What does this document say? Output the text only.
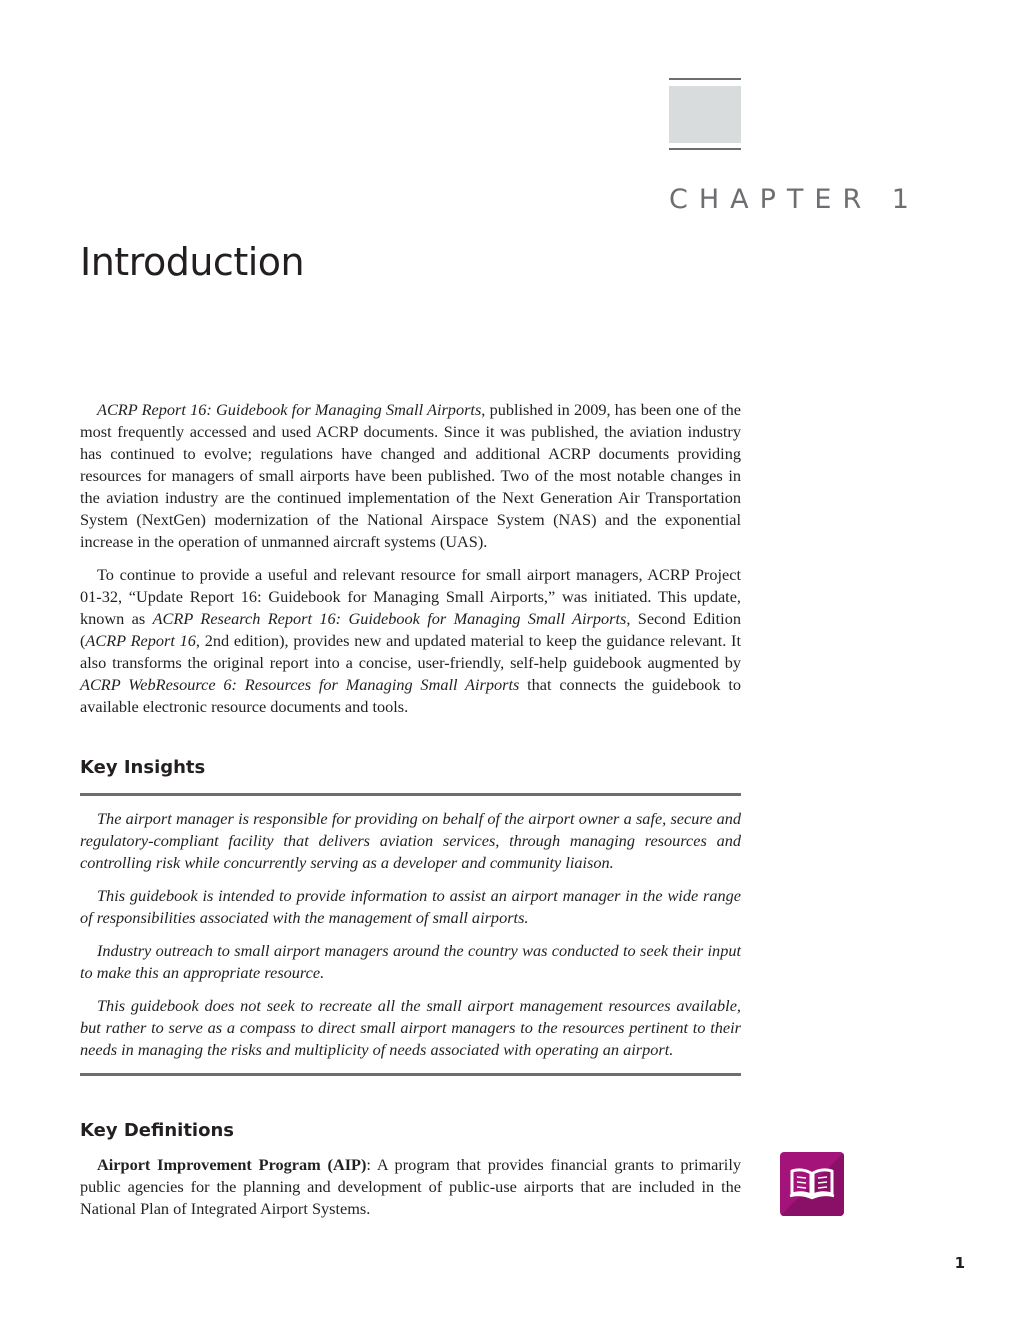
CHAPTER 1
Introduction

ACRP Report 16: Guidebook for Managing Small Airports, published in 2009, has been one of the most frequently accessed and used ACRP documents. Since it was published, the aviation industry has continued to evolve; regulations have changed and additional ACRP documents providing resources for managers of small airports have been published. Two of the most notable changes in the aviation industry are the continued implementation of the Next Generation Air Transportation System (NextGen) modernization of the National Airspace System (NAS) and the exponential increase in the operation of unmanned aircraft systems (UAS).

To continue to provide a useful and relevant resource for small airport managers, ACRP Project 01-32, “Update Report 16: Guidebook for Managing Small Airports,” was initiated. This update, known as ACRP Research Report 16: Guidebook for Managing Small Airports, Second Edition (ACRP Report 16, 2nd edition), provides new and updated material to keep the guidance relevant. It also transforms the original report into a concise, user-friendly, self-help guidebook augmented by ACRP WebResource 6: Resources for Managing Small Airports that connects the guidebook to available electronic resource documents and tools.

Key Insights

The airport manager is responsible for providing on behalf of the airport owner a safe, secure and regulatory-compliant facility that delivers aviation services, through managing resources and controlling risk while concurrently serving as a developer and community liaison.

This guidebook is intended to provide information to assist an airport manager in the wide range of responsibilities associated with the management of small airports.

Industry outreach to small airport managers around the country was conducted to seek their input to make this an appropriate resource.

This guidebook does not seek to recreate all the small airport management resources available, but rather to serve as a compass to direct small airport managers to the resources pertinent to their needs in managing the risks and multiplicity of needs associated with operating an airport.

Key Definitions

Airport Improvement Program (AIP): A program that provides financial grants to primarily public agencies for the planning and development of public-use airports that are included in the National Plan of Integrated Airport Systems.

1
